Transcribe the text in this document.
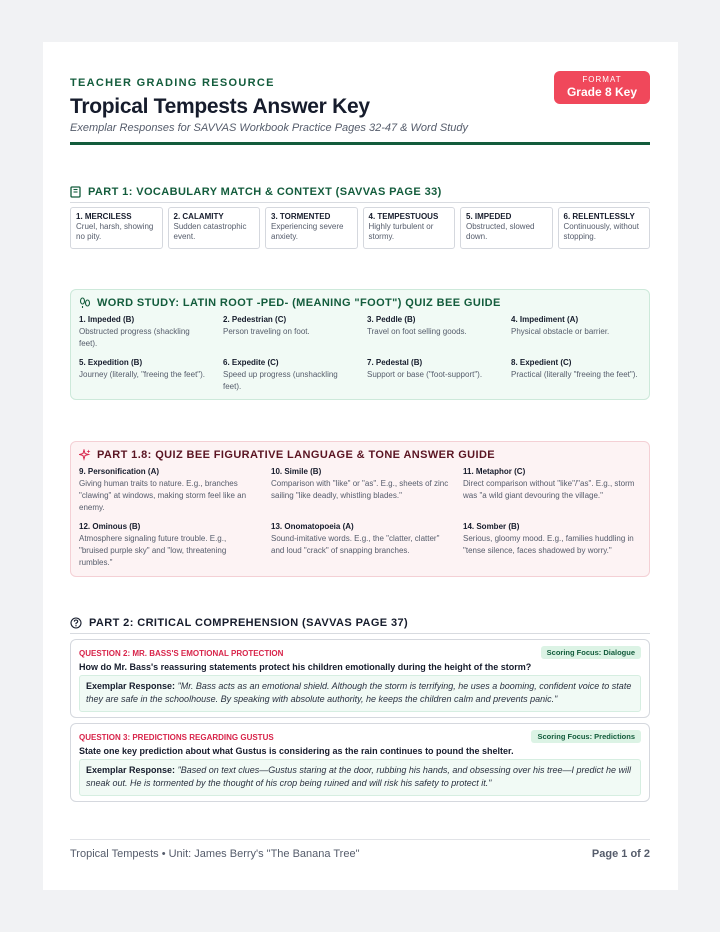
TEACHER GRADING RESOURCE
Tropical Tempests Answer Key
Exemplar Responses for SAVVAS Workbook Practice Pages 32-47 & Word Study
FORMAT
Grade 8 Key
PART 1: VOCABULARY MATCH & CONTEXT (SAVVAS PAGE 33)
1. MERCILESS
Cruel, harsh, showing no pity.
2. CALAMITY
Sudden catastrophic event.
3. TORMENTED
Experiencing severe anxiety.
4. TEMPESTUOUS
Highly turbulent or stormy.
5. IMPEDED
Obstructed, slowed down.
6. RELENTLESSLY
Continuously, without stopping.
WORD STUDY: LATIN ROOT -PED- (MEANING "FOOT") QUIZ BEE GUIDE
1. Impeded (B)
Obstructed progress (shackling feet).
2. Pedestrian (C)
Person traveling on foot.
3. Peddle (B)
Travel on foot selling goods.
4. Impediment (A)
Physical obstacle or barrier.
5. Expedition (B)
Journey (literally, "freeing the feet").
6. Expedite (C)
Speed up progress (unshackling feet).
7. Pedestal (B)
Support or base ("foot-support").
8. Expedient (C)
Practical (literally "freeing the feet").
PART 1.8: QUIZ BEE FIGURATIVE LANGUAGE & TONE ANSWER GUIDE
9. Personification (A)
Giving human traits to nature. E.g., branches "clawing" at windows, making storm feel like an enemy.
10. Simile (B)
Comparison with "like" or "as". E.g., sheets of zinc sailing "like deadly, whistling blades."
11. Metaphor (C)
Direct comparison without "like"/"as". E.g., storm was "a wild giant devouring the village."
12. Ominous (B)
Atmosphere signaling future trouble. E.g., "bruised purple sky" and "low, threatening rumbles."
13. Onomatopoeia (A)
Sound-imitative words. E.g., the "clatter, clatter" and loud "crack" of snapping branches.
14. Somber (B)
Serious, gloomy mood. E.g., families huddling in "tense silence, faces shadowed by worry."
PART 2: CRITICAL COMPREHENSION (SAVVAS PAGE 37)
QUESTION 2: MR. BASS'S EMOTIONAL PROTECTION	Scoring Focus: Dialogue
How do Mr. Bass's reassuring statements protect his children emotionally during the height of the storm?
Exemplar Response: "Mr. Bass acts as an emotional shield. Although the storm is terrifying, he uses a booming, confident voice to state they are safe in the schoolhouse. By speaking with absolute authority, he keeps the children calm and prevents panic."
QUESTION 3: PREDICTIONS REGARDING GUSTUS	Scoring Focus: Predictions
State one key prediction about what Gustus is considering as the rain continues to pound the shelter.
Exemplar Response: "Based on text clues—Gustus staring at the door, rubbing his hands, and obsessing over his tree—I predict he will sneak out. He is tormented by the thought of his crop being ruined and will risk his safety to protect it."
Tropical Tempests • Unit: James Berry's "The Banana Tree"	Page 1 of 2
